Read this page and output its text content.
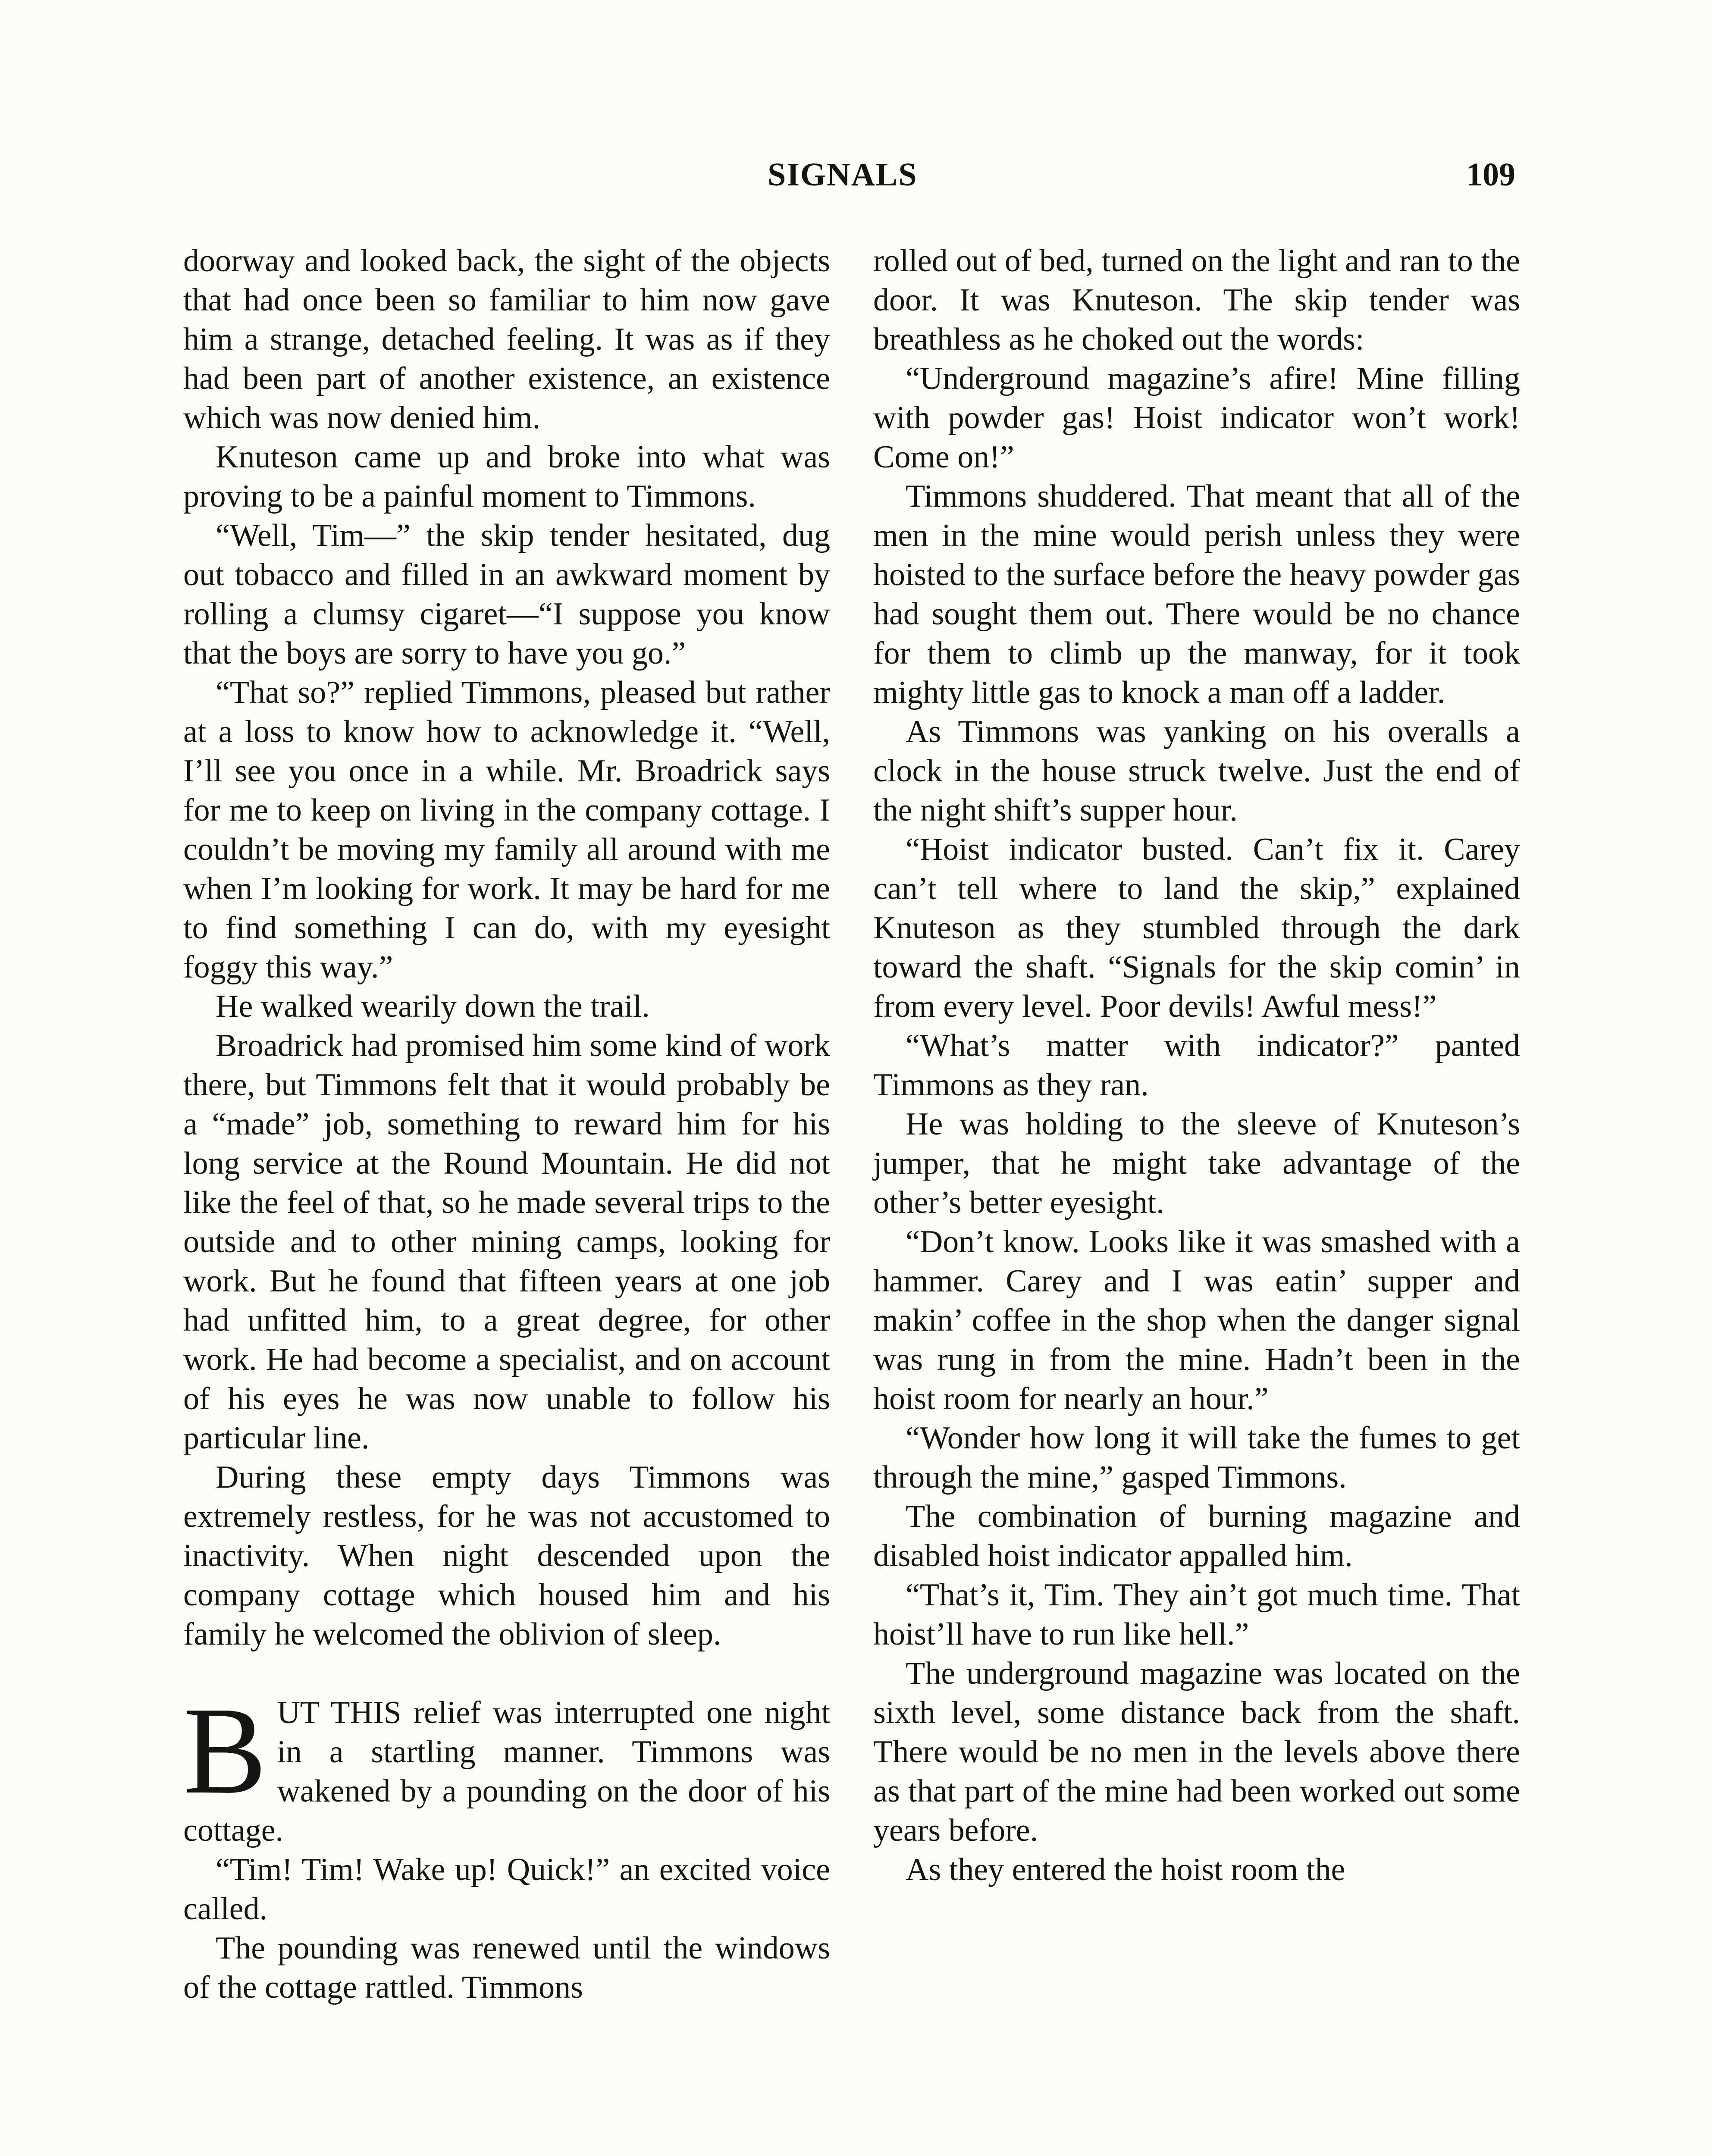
SIGNALS	109

doorway and looked back, the sight of the objects that had once been so familiar to him now gave him a strange, detached feeling. It was as if they had been part of another existence, an existence which was now denied him.

Knuteson came up and broke into what was proving to be a painful moment to Timmons.

“Well, Tim—” the skip tender hesitated, dug out tobacco and filled in an awkward moment by rolling a clumsy cigaret—“I suppose you know that the boys are sorry to have you go.”

“That so?” replied Timmons, pleased but rather at a loss to know how to acknowledge it. “Well, I’ll see you once in a while. Mr. Broadrick says for me to keep on living in the company cottage. I couldn’t be moving my family all around with me when I’m looking for work. It may be hard for me to find something I can do, with my eyesight foggy this way.”

He walked wearily down the trail.

Broadrick had promised him some kind of work there, but Timmons felt that it would probably be a “made” job, something to reward him for his long service at the Round Mountain. He did not like the feel of that, so he made several trips to the outside and to other mining camps, looking for work. But he found that fifteen years at one job had unfitted him, to a great degree, for other work. He had become a specialist, and on account of his eyes he was now unable to follow his particular line.

During these empty days Timmons was extremely restless, for he was not accustomed to inactivity. When night descended upon the company cottage which housed him and his family he welcomed the oblivion of sleep.

BUT THIS relief was interrupted one night in a startling manner. Timmons was wakened by a pounding on the door of his cottage.

“Tim! Tim! Wake up! Quick!” an excited voice called.

The pounding was renewed until the windows of the cottage rattled. Timmons

rolled out of bed, turned on the light and ran to the door. It was Knuteson. The skip tender was breathless as he choked out the words:

“Underground magazine’s afire! Mine filling with powder gas! Hoist indicator won’t work! Come on!”

Timmons shuddered. That meant that all of the men in the mine would perish unless they were hoisted to the surface before the heavy powder gas had sought them out. There would be no chance for them to climb up the manway, for it took mighty little gas to knock a man off a ladder.

As Timmons was yanking on his overalls a clock in the house struck twelve. Just the end of the night shift’s supper hour.

“Hoist indicator busted. Can’t fix it. Carey can’t tell where to land the skip,” explained Knuteson as they stumbled through the dark toward the shaft. “Signals for the skip comin’ in from every level. Poor devils! Awful mess!”

“What’s matter with indicator?” panted Timmons as they ran.

He was holding to the sleeve of Knuteson’s jumper, that he might take advantage of the other’s better eyesight.

“Don’t know. Looks like it was smashed with a hammer. Carey and I was eatin’ supper and makin’ coffee in the shop when the danger signal was rung in from the mine. Hadn’t been in the hoist room for nearly an hour.”

“Wonder how long it will take the fumes to get through the mine,” gasped Timmons.

The combination of burning magazine and disabled hoist indicator appalled him.

“That’s it, Tim. They ain’t got much time. That hoist’ll have to run like hell.”

The underground magazine was located on the sixth level, some distance back from the shaft. There would be no men in the levels above there as that part of the mine had been worked out some years before.

As they entered the hoist room the
